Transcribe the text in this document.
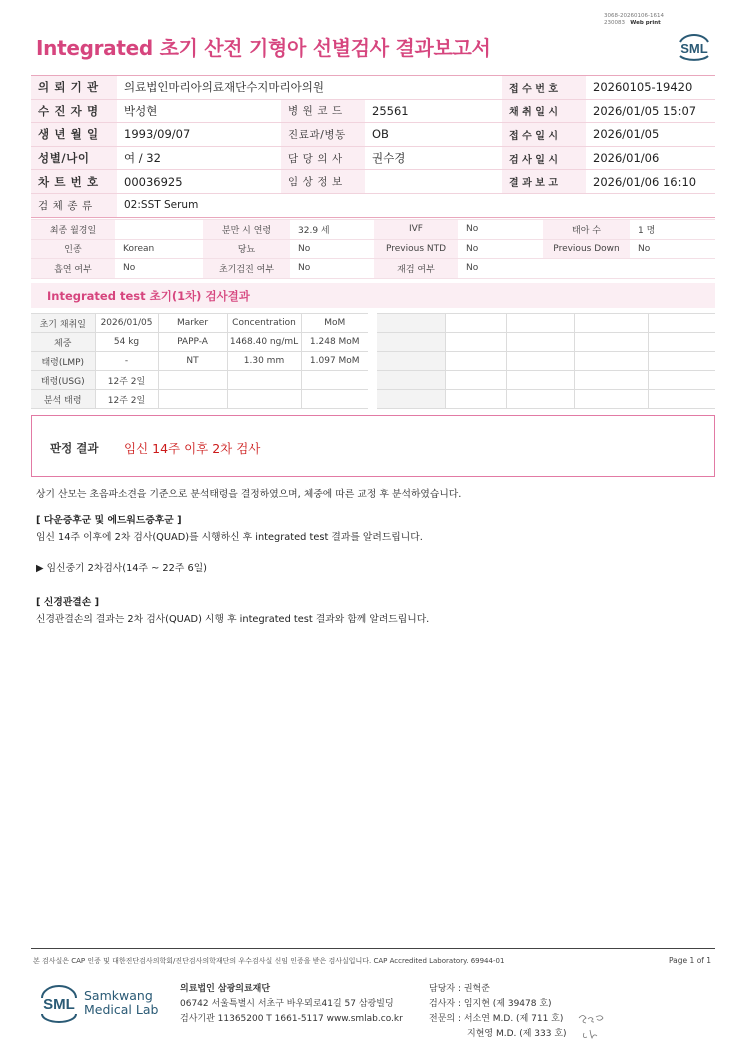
3068-20260106-1614
230083 Web print
Integrated 초기 산전 기형아 선별검사 결과보고서	SML
의 뢰 기 관	의료법인마리아의료재단수지마리아의원			접 수 번 호	20260105-19420
수 진 자 명	박성현	병 원 코 드	25561	채 취 일 시	2026/01/05 15:07
생 년 월 일	1993/09/07	진료과/병동	OB	접 수 일 시	2026/01/05
성별/나이	여 / 32	담 당 의 사	권수경	검 사 일 시	2026/01/06
차 트 번 호	00036925	임 상 정 보		결 과 보 고	2026/01/06 16:10
검 체 종 류	02:SST Serum				
최종 월경일		분만 시 연령	32.9 세	IVF	No	태아 수	1 명
인종	Korean	당뇨	No	Previous NTD	No	Previous Down	No
흡연 여부	No	초기검진 여부	No	재검 여부	No		
Integrated test 초기(1차) 검사결과
초기 채취일	2026/01/05	Marker	Concentration	MoM
체중	54 kg	PAPP-A	1468.40 ng/mL	1.248 MoM
태령(LMP)	-	NT	1.30 mm	1.097 MoM
태령(USG)	12주 2일			
분석 태령	12주 2일			

판정 결과 임신 14주 이후 2차 검사
상기 산모는 초음파소견을 기준으로 분석태령을 결정하였으며, 체중에 따른 교정 후 분석하였습니다.
[ 다운증후군 및 에드워드증후군 ]
임신 14주 이후에 2차 검사(QUAD)를 시행하신 후 integrated test 결과를 알려드립니다.
▶ 임신중기 2차검사(14주 ~ 22주 6일)
[ 신경관결손 ]
신경관결손의 결과는 2차 검사(QUAD) 시행 후 integrated test 결과와 함께 알려드립니다.
본 검사실은 CAP 인증 및 대한진단검사의학회/진단검사의학재단의 우수검사실 신임 인증을 받은 검사실입니다. CAP Accredited Laboratory. 69944-01	Page 1 of 1
SML
Samkwang
Medical Lab
의료법인 삼광의료재단
06742 서울특별시 서초구 바우뫼로41길 57 삼광빌딩
검사기관 11365200 T 1661-5117 www.smlab.co.kr
담당자 : 권혁준
검사자 : 임지현 (제 39478 호)
전문의 : 서소연 M.D. (제 711 호)
지현영 M.D. (제 333 호)
